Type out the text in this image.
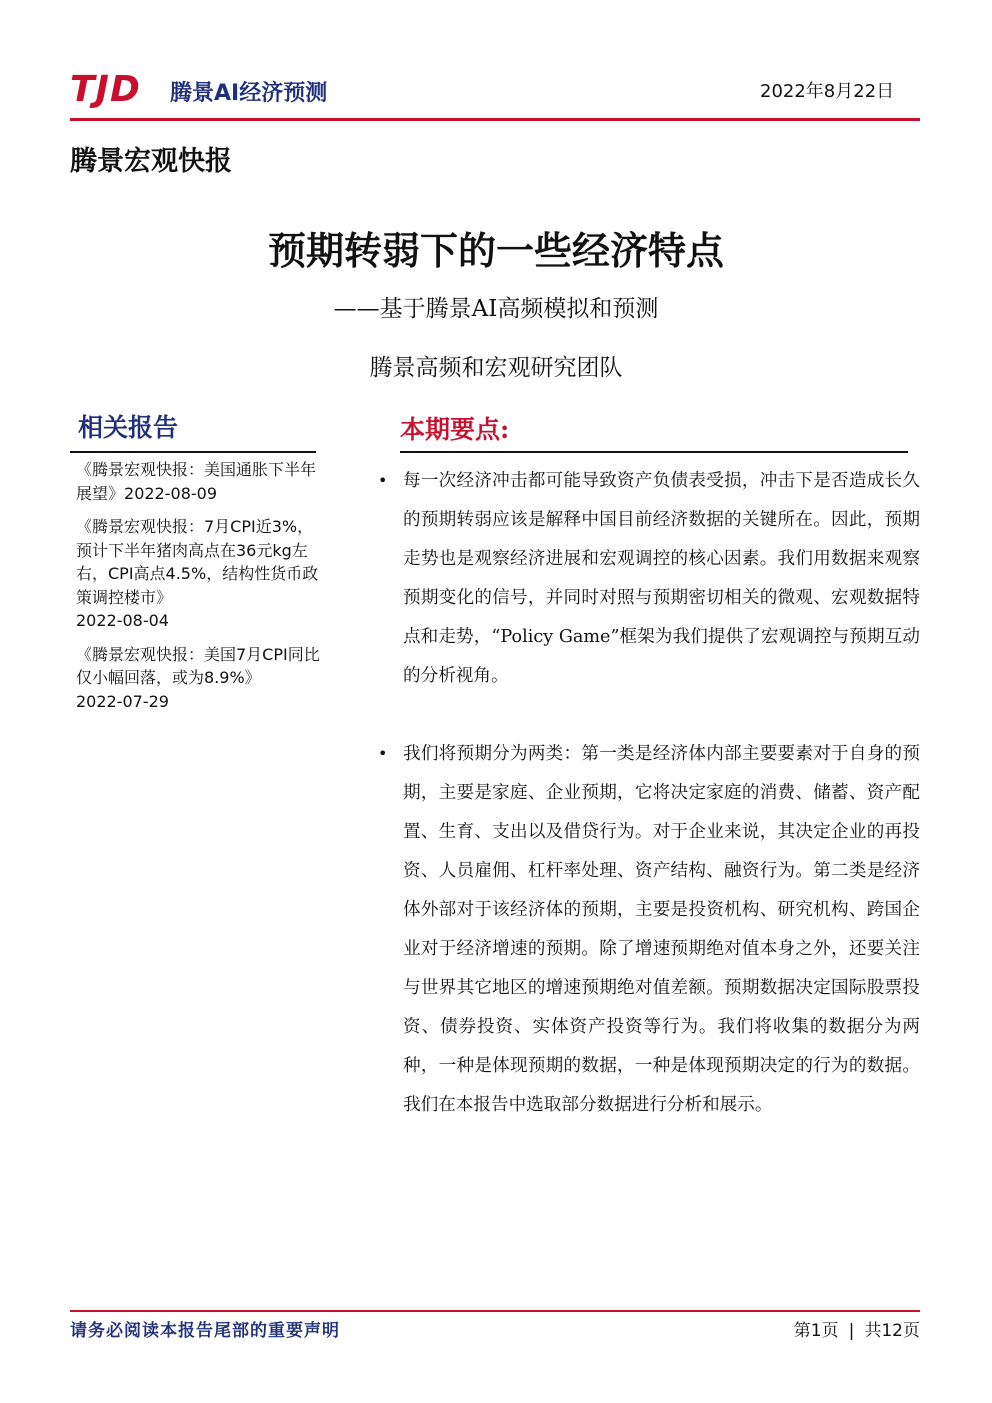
TJD 腾景AI经济预测	2022年8月22日
腾景宏观快报
预期转弱下的一些经济特点
——基于腾景AI高频模拟和预测
腾景高频和宏观研究团队
相关报告
《腾景宏观快报：美国通胀下半年展望》2022-08-09
《腾景宏观快报：7月CPI近3%，预计下半年猪肉高点在36元kg左右，CPI高点4.5%，结构性货币政策调控楼市》
2022-08-04
《腾景宏观快报：美国7月CPI同比仅小幅回落，或为8.9%》
2022-07-29
本期要点:
• 每一次经济冲击都可能导致资产负债表受损，冲击下是否造成长久的预期转弱应该是解释中国目前经济数据的关键所在。因此，预期走势也是观察经济进展和宏观调控的核心因素。我们用数据来观察预期变化的信号，并同时对照与预期密切相关的微观、宏观数据特点和走势，“Policy Game”框架为我们提供了宏观调控与预期互动的分析视角。
• 我们将预期分为两类：第一类是经济体内部主要要素对于自身的预期，主要是家庭、企业预期，它将决定家庭的消费、储蓄、资产配置、生育、支出以及借贷行为。对于企业来说，其决定企业的再投资、人员雇佣、杠杆率处理、资产结构、融资行为。第二类是经济体外部对于该经济体的预期，主要是投资机构、研究机构、跨国企业对于经济增速的预期。除了增速预期绝对值本身之外，还要关注与世界其它地区的增速预期绝对值差额。预期数据决定国际股票投资、债券投资、实体资产投资等行为。我们将收集的数据分为两种，一种是体现预期的数据，一种是体现预期决定的行为的数据。我们在本报告中选取部分数据进行分析和展示。
请务必阅读本报告尾部的重要声明	第1页 | 共12页
